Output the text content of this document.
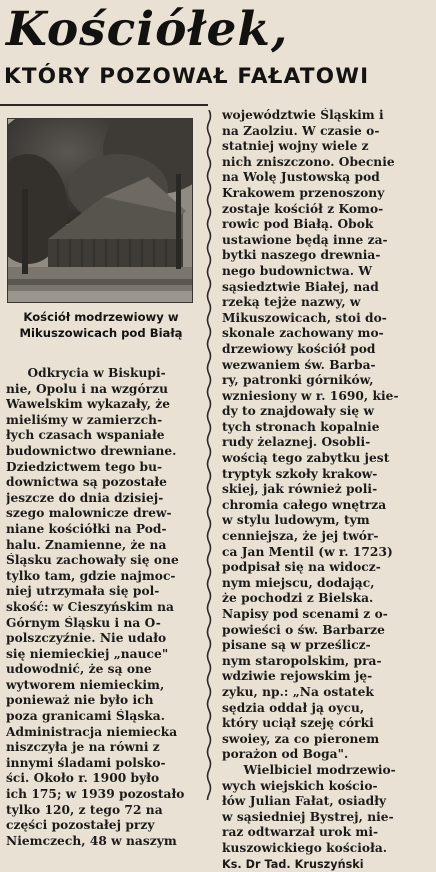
Kościółek,
KTÓRY POZOWAŁ FAŁATOWI
Kościół modrzewiowy w
Mikuszowicach pod Białą
Odkrycia w Biskupi-
nie, Opolu i na wzgórzu
Wawelskim wykazały, że
mieliśmy w zamierzch-
łych czasach wspaniałe
budownictwo drewniane.
Dziedzictwem tego bu-
downictwa są pozostałe
jeszcze do dnia dzisiej-
szego malownicze drew-
niane kościółki na Pod-
halu. Znamienne, że na
Śląsku zachowały się one
tylko tam, gdzie najmoc-
niej utrzymała się pol-
skość: w Cieszyńskim na
Górnym Śląsku i na O-
polszczyźnie. Nie udało
się niemieckiej „nauce"
udowodnić, że są one
wytworem niemieckim,
ponieważ nie było ich
poza granicami Śląska.
Administracja niemiecka
niszczyła je na równi z
innymi śladami polsko-
ści. Około r. 1900 było
ich 175; w 1939 pozostało
tylko 120, z tego 72 na
części pozostałej przy
Niemczech, 48 w naszym
województwie Śląskim i
na Zaolziu. W czasie o-
statniej wojny wiele z
nich zniszczono. Obecnie
na Wolę Justowską pod
Krakowem przenoszony
zostaje kościół z Komo-
rowic pod Białą. Obok
ustawione będą inne za-
bytki naszego drewnia-
nego budownictwa. W
sąsiedztwie Białej, nad
rzeką tejże nazwy, w
Mikuszowicach, stoi do-
skonale zachowany mo-
drzewiowy kościół pod
wezwaniem św. Barba-
ry, patronki górników,
wzniesiony w r. 1690, kie-
dy to znajdowały się w
tych stronach kopalnie
rudy żelaznej. Osobli-
wością tego zabytku jest
tryptyk szkoły krakow-
skiej, jak również poli-
chromia całego wnętrza
w stylu ludowym, tym
cenniejsza, że jej twór-
ca Jan Mentil (w r. 1723)
podpisał się na widocz-
nym miejscu, dodając,
że pochodzi z Bielska.
Napisy pod scenami z o-
powieści o św. Barbarze
pisane są w prześlicz-
nym staropolskim, pra-
wdziwie rejowskim ję-
zyku, np.: „Na ostatek
sędzia oddał ją oycu,
który uciął szeję córki
swoiey, za co pieronem
porażon od Boga".
Wielbiciel modrzewio-
wych wiejskich kościo-
łów Julian Fałat, osiadły
w sąsiedniej Bystrej, nie-
raz odtwarzał urok mi-
kuszowickiego kościoła.
Ks. Dr Tad. Kruszyński
